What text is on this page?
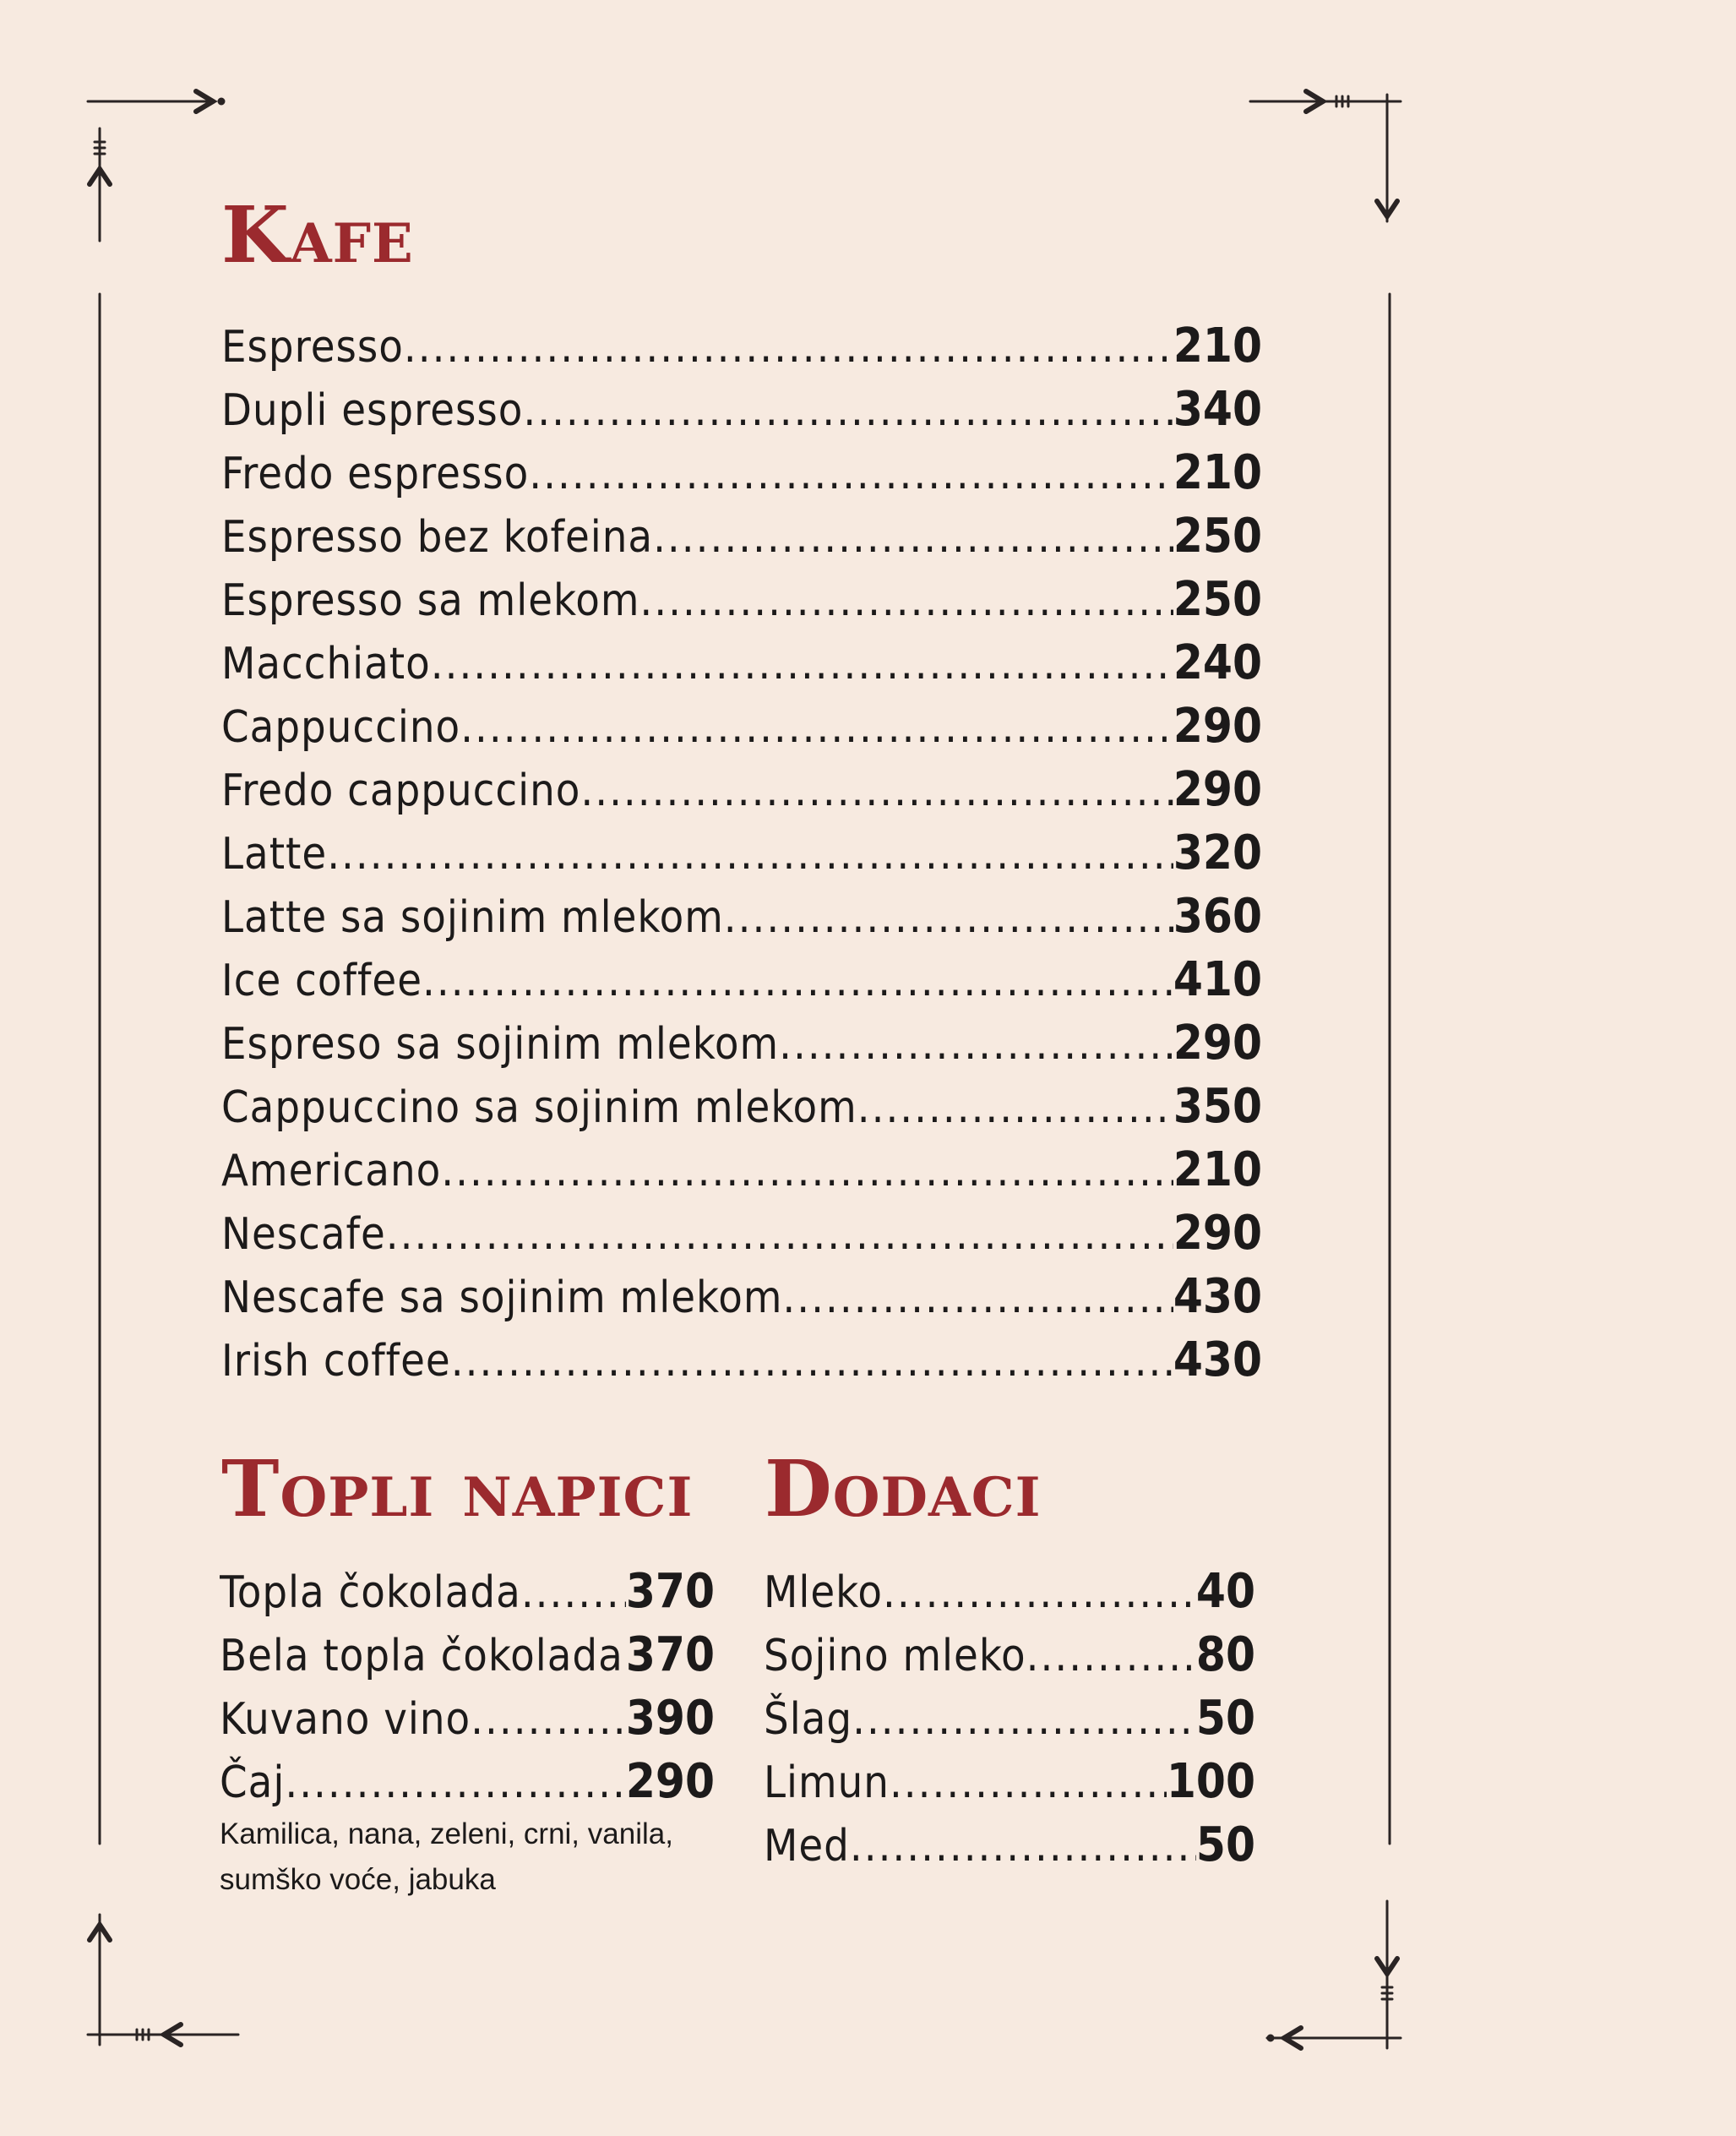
Kafe
Espresso .....	210
Dupli espresso .....	340
Fredo espresso .....	210
Espresso bez kofeina .....	250
Espresso sa mlekom .....	250
Macchiato .....	240
Cappuccino .....	290
Fredo cappuccino .....	290
Latte .....	320
Latte sa sojinim mlekom .....	360
Ice coffee .....	410
Espreso sa sojinim mlekom .....	290
Cappuccino sa sojinim mlekom .....	350
Americano .....	210
Nescafe .....	290
Nescafe sa sojinim mlekom .....	430
Irish coffee .....	430
Topli napici
Topla čokolada ..... 370
Bela topla čokolada ..... 370
Kuvano vino .....	390
Čaj .....	290

Kamilica, nana, zeleni, crni, vanila,

sumško voće, jabuka

Dodaci
Mleko .....	40
Sojino mleko .....	80
Šlag .....	50
Limun .....	100
Med .....	50
